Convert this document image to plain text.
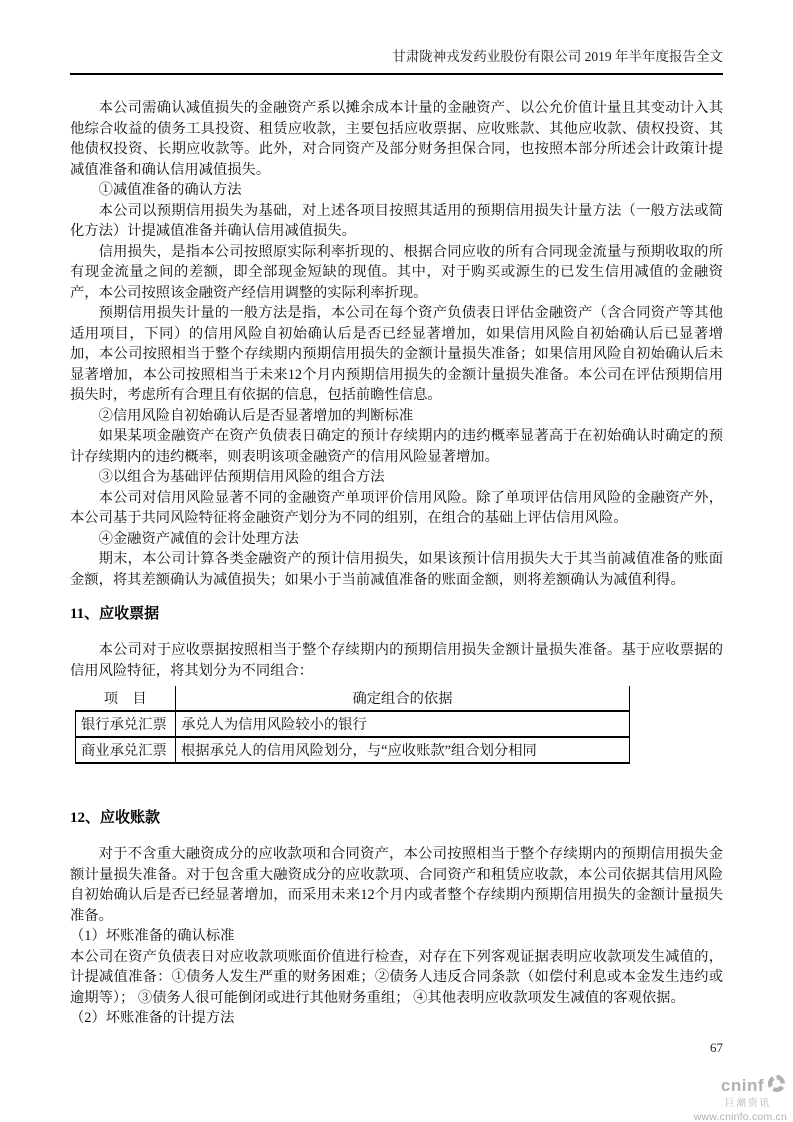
甘肃陇神戎发药业股份有限公司 2019 年半年度报告全文

本公司需确认减值损失的金融资产系以摊余成本计量的金融资产、以公允价值计量且其变动计入其他综合收益的债务工具投资、租赁应收款，主要包括应收票据、应收账款、其他应收款、债权投资、其他债权投资、长期应收款等。此外，对合同资产及部分财务担保合同，也按照本部分所述会计政策计提减值准备和确认信用减值损失。

①减值准备的确认方法

本公司以预期信用损失为基础，对上述各项目按照其适用的预期信用损失计量方法（一般方法或简化方法）计提减值准备并确认信用减值损失。

信用损失，是指本公司按照原实际利率折现的、根据合同应收的所有合同现金流量与预期收取的所有现金流量之间的差额，即全部现金短缺的现值。其中，对于购买或源生的已发生信用减值的金融资产，本公司按照该金融资产经信用调整的实际利率折现。

预期信用损失计量的一般方法是指，本公司在每个资产负债表日评估金融资产（含合同资产等其他适用项目，下同）的信用风险自初始确认后是否已经显著增加，如果信用风险自初始确认后已显著增加，本公司按照相当于整个存续期内预期信用损失的金额计量损失准备；如果信用风险自初始确认后未显著增加，本公司按照相当于未来12个月内预期信用损失的金额计量损失准备。本公司在评估预期信用损失时，考虑所有合理且有依据的信息，包括前瞻性信息。

②信用风险自初始确认后是否显著增加的判断标准

如果某项金融资产在资产负债表日确定的预计存续期内的违约概率显著高于在初始确认时确定的预计存续期内的违约概率，则表明该项金融资产的信用风险显著增加。

③以组合为基础评估预期信用风险的组合方法

本公司对信用风险显著不同的金融资产单项评价信用风险。除了单项评估信用风险的金融资产外，本公司基于共同风险特征将金融资产划分为不同的组别，在组合的基础上评估信用风险。

④金融资产减值的会计处理方法

期末，本公司计算各类金融资产的预计信用损失，如果该预计信用损失大于其当前减值准备的账面金额，将其差额确认为减值损失；如果小于当前减值准备的账面金额，则将差额确认为减值利得。

11、应收票据

本公司对于应收票据按照相当于整个存续期内的预期信用损失金额计量损失准备。基于应收票据的信用风险特征，将其划分为不同组合：

项　目	确定组合的依据
银行承兑汇票	承兑人为信用风险较小的银行
商业承兑汇票	根据承兑人的信用风险划分，与“应收账款”组合划分相同
12、应收账款

对于不含重大融资成分的应收款项和合同资产，本公司按照相当于整个存续期内的预期信用损失金额计量损失准备。对于包含重大融资成分的应收款项、合同资产和租赁应收款，本公司依据其信用风险自初始确认后是否已经显著增加，而采用未来12个月内或者整个存续期内预期信用损失的金额计量损失准备。

（1）坏账准备的确认标准

本公司在资产负债表日对应收款项账面价值进行检查，对存在下列客观证据表明应收款项发生减值的，计提减值准备：①债务人发生严重的财务困难；②债务人违反合同条款（如偿付利息或本金发生违约或逾期等）； ③债务人很可能倒闭或进行其他财务重组； ④其他表明应收款项发生减值的客观依据。

（2）坏账准备的计提方法

67
cninf
巨潮资讯
www.cninfo.com.cn
